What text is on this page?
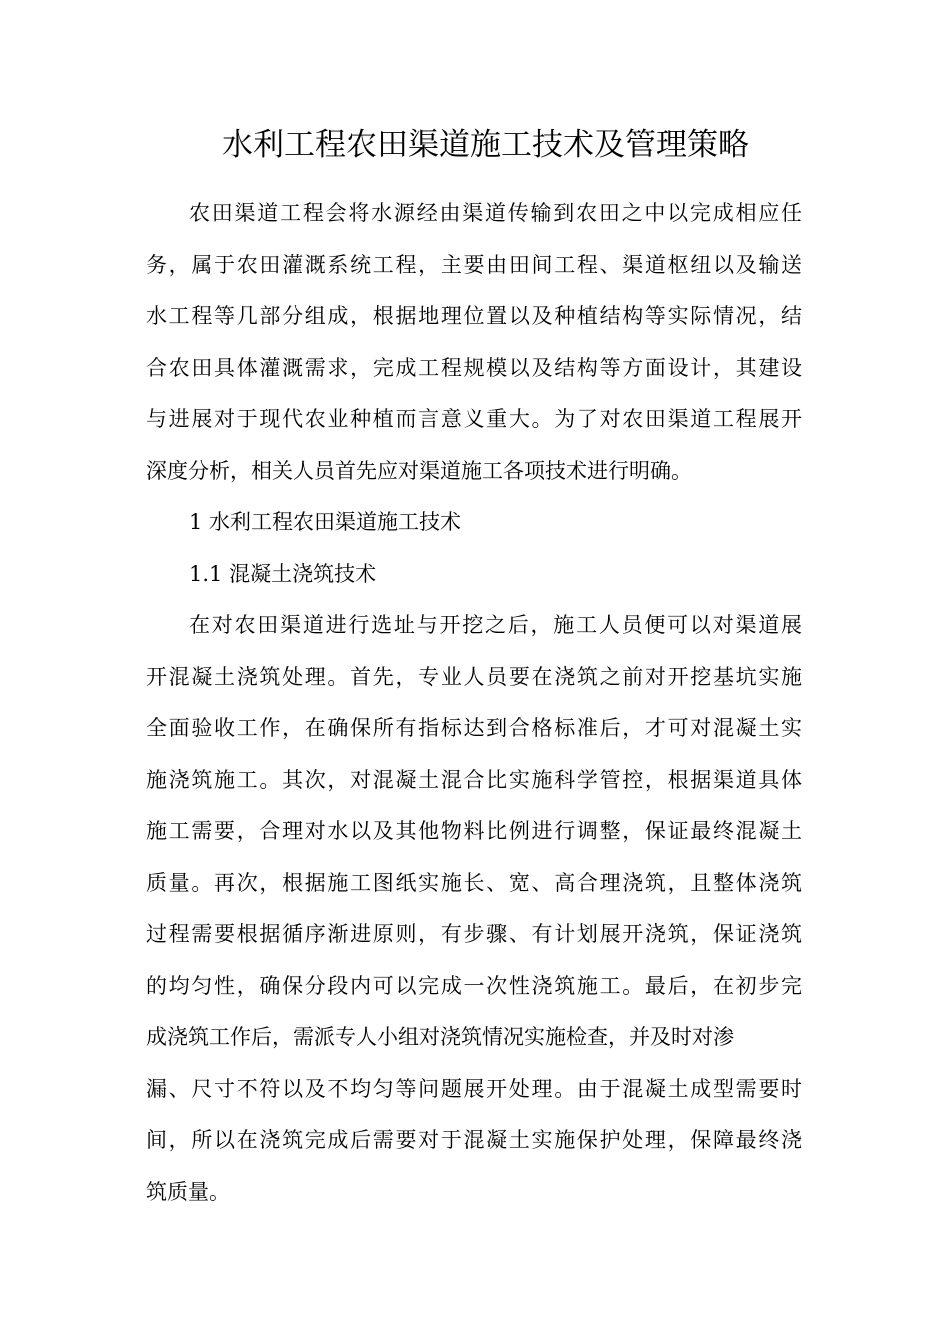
水利工程农田渠道施工技术及管理策略
农田渠道工程会将水源经由渠道传输到农田之中以完成相应任
务，属于农田灌溉系统工程，主要由田间工程、渠道枢纽以及输送
水工程等几部分组成，根据地理位置以及种植结构等实际情况，结
合农田具体灌溉需求，完成工程规模以及结构等方面设计，其建设
与进展对于现代农业种植而言意义重大。为了对农田渠道工程展开
深度分析，相关人员首先应对渠道施工各项技术进行明确。
1 水利工程农田渠道施工技术
1.1 混凝土浇筑技术
在对农田渠道进行选址与开挖之后，施工人员便可以对渠道展
开混凝土浇筑处理。首先，专业人员要在浇筑之前对开挖基坑实施
全面验收工作，在确保所有指标达到合格标准后，才可对混凝土实
施浇筑施工。其次，对混凝土混合比实施科学管控，根据渠道具体
施工需要，合理对水以及其他物料比例进行调整，保证最终混凝土
质量。再次，根据施工图纸实施长、宽、高合理浇筑，且整体浇筑
过程需要根据循序渐进原则，有步骤、有计划展开浇筑，保证浇筑
的均匀性，确保分段内可以完成一次性浇筑施工。最后，在初步完
成浇筑工作后，需派专人小组对浇筑情况实施检查，并及时对渗
漏、尺寸不符以及不均匀等问题展开处理。由于混凝土成型需要时
间，所以在浇筑完成后需要对于混凝土实施保护处理，保障最终浇
筑质量。
